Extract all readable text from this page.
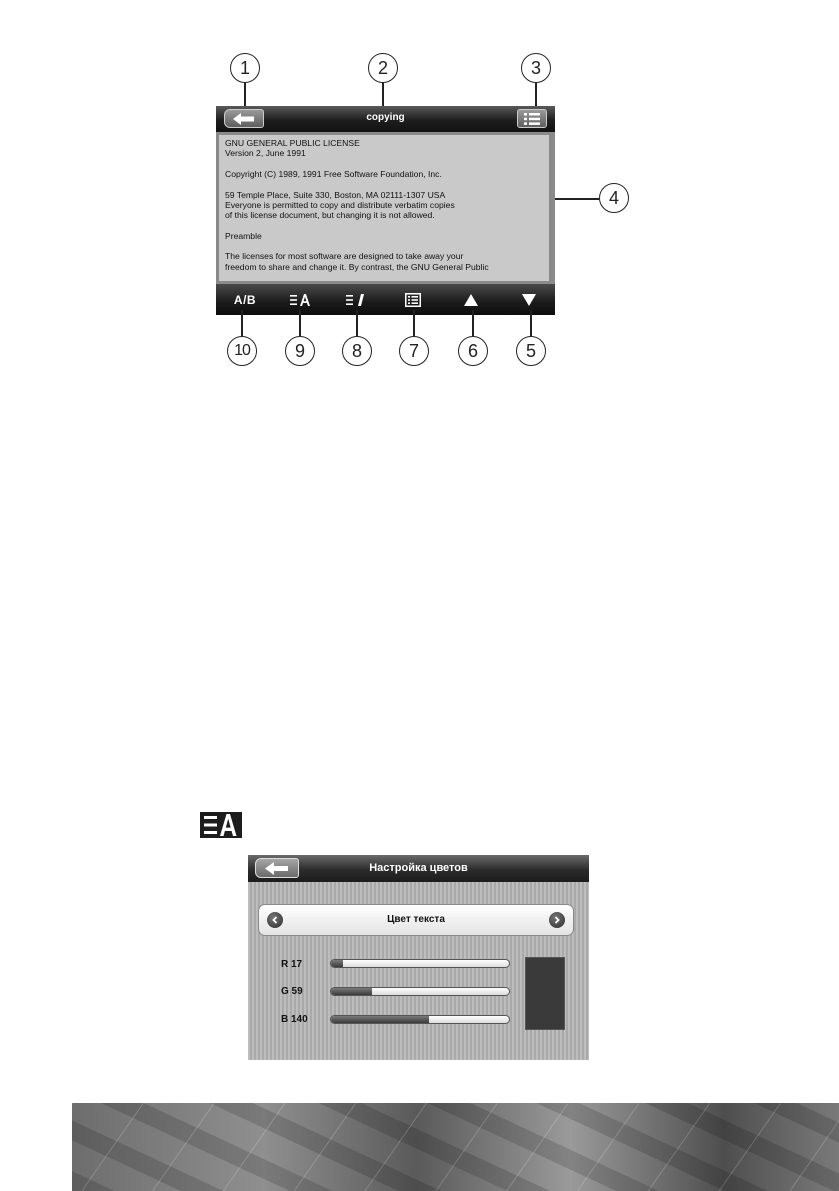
1	2	3
4
copying
GNU GENERAL PUBLIC LICENSE
Version 2, June 1991
Copyright (C) 1989, 1991 Free Software Foundation, Inc.
59 Temple Place, Suite 330, Boston, MA 02111-1307 USA
Everyone is permitted to copy and distribute verbatim copies
of this license document, but changing it is not allowed.
Preamble
The licenses for most software are designed to take away your
freedom to share and change it. By contrast, the GNU General Public
A/B
10	9	8	7	6	5
Настройка цветов
Цвет текста
R 17
G 59
B 140
